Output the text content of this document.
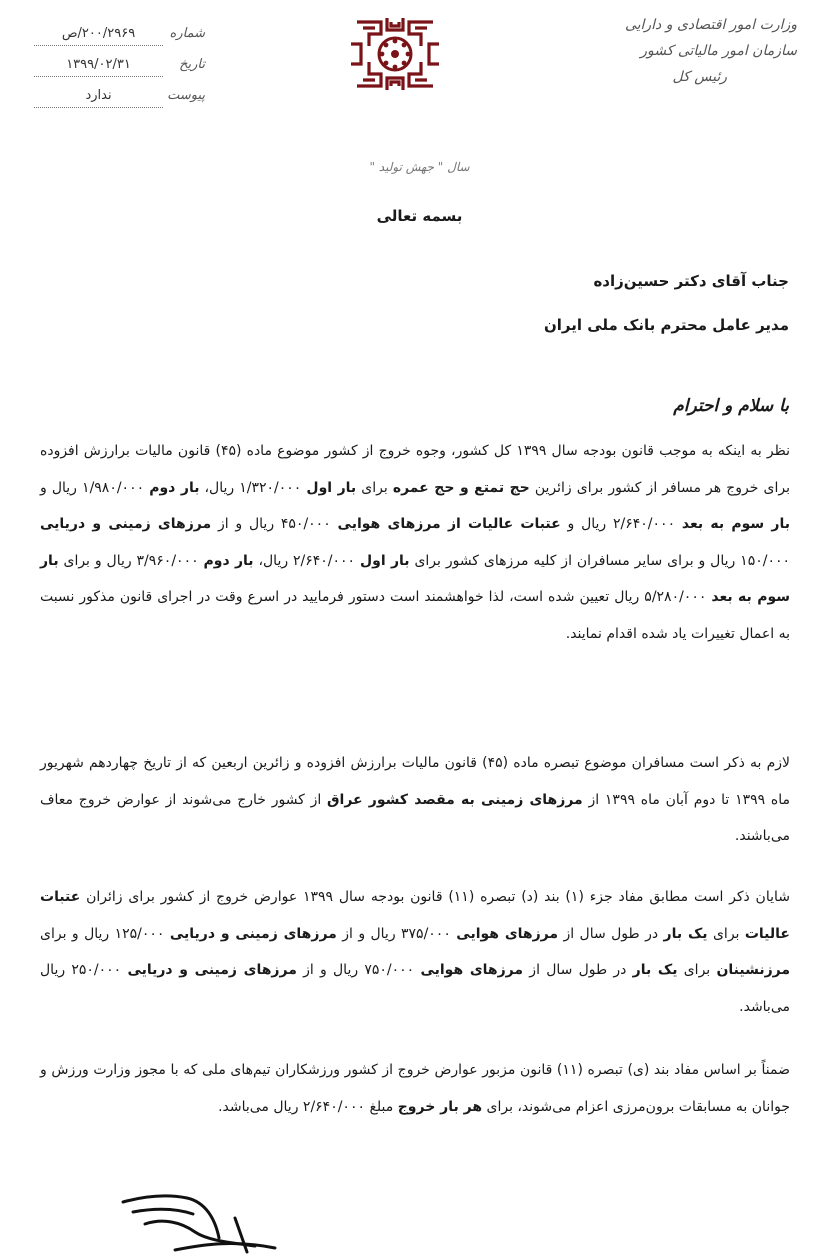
وزارت امور اقتصادی و دارایی
سازمان امور مالیاتی کشور
رئیس کل
شماره
۲۰۰/۲۹۶۹/ص
تاریخ
۱۳۹۹/۰۲/۳۱
پیوست
ندارد
سال " جهش تولید "
بسمه تعالی
جناب آقای دکتر حسین‌زاده
مدیر عامل محترم بانک ملی ایران
با سلام و احترام

نظر به اینکه به موجب قانون بودجه سال ۱۳۹۹ کل کشور، وجوه خروج از کشور موضوع ماده (۴۵) قانون مالیات برارزش افزوده برای خروج هر مسافر از کشور برای زائرین حج تمتع و حج عمره برای بار اول ۱/۳۲۰/۰۰۰ ریال، بار دوم ۱/۹۸۰/۰۰۰ ریال و بار سوم به بعد ۲/۶۴۰/۰۰۰ ریال و عتبات عالیات از مرزهای هوایی ۴۵۰/۰۰۰ ریال و از مرزهای زمینی و دریایی ۱۵۰/۰۰۰ ریال و برای سایر مسافران از کلیه مرزهای کشور برای بار اول ۲/۶۴۰/۰۰۰ ریال، بار دوم ۳/۹۶۰/۰۰۰ ریال و برای بار سوم به بعد ۵/۲۸۰/۰۰۰ ریال تعیین شده است، لذا خواهشمند است دستور فرمایید در اسرع وقت در اجرای قانون مذکور نسبت به اعمال تغییرات یاد شده اقدام نمایند.

لازم به ذکر است مسافران موضوع تبصره ماده (۴۵) قانون مالیات برارزش افزوده و زائرین اربعین که از تاریخ چهاردهم شهریور ماه ۱۳۹۹ تا دوم آبان ماه ۱۳۹۹ از مرزهای زمینی به مقصد کشور عراق از کشور خارج می‌شوند از عوارض خروج معاف می‌باشند.

شایان ذکر است مطابق مفاد جزء (۱) بند (د) تبصره (۱۱) قانون بودجه سال ۱۳۹۹ عوارض خروج از کشور برای زائران عتبات عالیات برای یک بار در طول سال از مرزهای هوایی ۳۷۵/۰۰۰ ریال و از مرزهای زمینی و دریایی ۱۲۵/۰۰۰ ریال و برای مرزنشینان برای یک بار در طول سال از مرزهای هوایی ۷۵۰/۰۰۰ ریال و از مرزهای زمینی و دریایی ۲۵۰/۰۰۰ ریال می‌باشد.

ضمناً بر اساس مفاد بند (ی) تبصره (۱۱) قانون مزبور عوارض خروج از کشور ورزشکاران تیم‌های ملی که با مجوز وزارت ورزش و جوانان به مسابقات برون‌مرزی اعزام می‌شوند، برای هر بار خروج مبلغ ۲/۶۴۰/۰۰۰ ریال می‌باشد.
